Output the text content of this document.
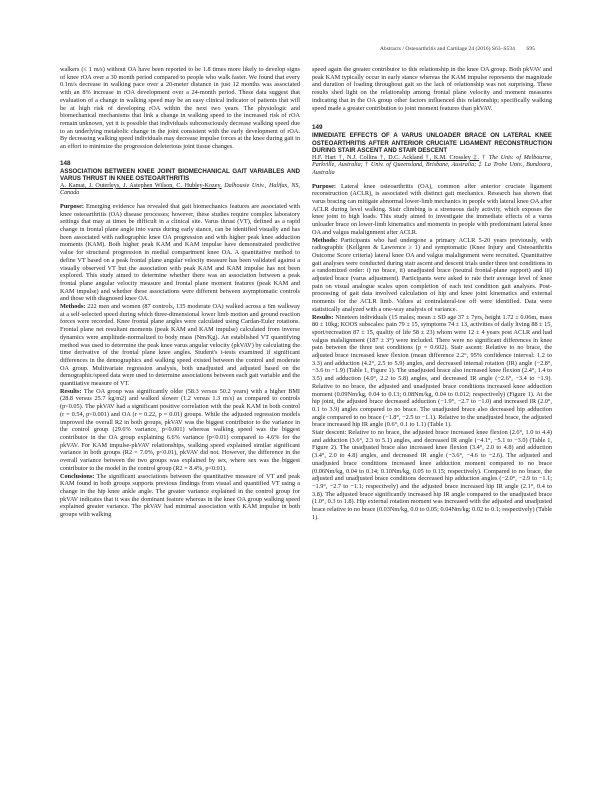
Abstracts / Osteoarthritis and Cartilage 24 (2016) S63–S534 S95

walkers (≤ 1 m/s) without OA have been reported to be 1.8 times more likely to develop signs of knee rOA over a 30 month period compared to people who walk faster. We found that every 0.1m/s decrease in walking pace over a 20-meter distance in just 12 months was associated with an 8% increase in rOA development over a 24-month period. These data suggest that evaluation of a change in walking speed may be an easy clinical indicator of patients that will be at high risk of developing rOA within the next two years. The physiologic and biomechanical mechanisms that link a change in walking speed to the increased risk of rOA remain unknown, yet it is possible that individuals subconsciously decrease walking speed due to an underlying metabolic change in the joint consistent with the early development of rOA. By decreasing walking speed individuals may decrease impulse forces at the knee during gait in an effort to minimize the progression deleterious joint tissue changes.

148

ASSOCIATION BETWEEN KNEE JOINT BIOMECHANICAL GAIT VARIABLES AND VARUS THRUST IN KNEE OSTEOARTHRITIS

A. Kamat, J. Outerleys, J. Astephen Wilson, C. Hubley-Kozey. Dalhousie Univ., Halifax, NS, Canada

Purpose: Emerging evidence has revealed that gait biomechanics features are associated with knee osteoarthritis (OA) disease processes; however, these studies require complex laboratory settings that may at times be difficult in a clinical site. Varus thrust (VT), defined as a rapid change in frontal plane angle into varus during early stance, can be identified visually and has been associated with radiographic knee OA progression and with higher peak knee adduction moments (KAM). Both higher peak KAM and KAM impulse have demonstrated predictive value for structural progression in medial compartment knee OA. A quantitative method to define VT based on a peak frontal plane angular velocity measure has been validated against a visually observed VT but the association with peak KAM and KAM impulse has not been explored. This study aimed to determine whether there was an association between a peak frontal plane angular velocity measure and frontal plane moment features (peak KAM and KAM impulse) and whether these associations were different between asymptomatic controls and those with diagnosed knee OA.

Methods: 222 men and women (87 controls, 135 moderate OA) walked across a 6m walkway at a self-selected speed during which three-dimensional lower limb motion and ground reaction forces were recorded. Knee frontal plane angles were calculated using Cardan-Euler rotations. Frontal plane net resultant moments (peak KAM and KAM impulse) calculated from inverse dynamics were amplitude-normalized to body mass (Nm/Kg). An established VT quantifying method was used to determine the peak knee varus angular velocity (pkVAV) by calculating the time derivative of the frontal plane knee angles. Student's t-tests examined if significant differences in the demographics and walking speed existed between the control and moderate OA group. Multivariate regression analysis, both unadjusted and adjusted based on the demographic/speed data were used to determine associations between each gait variable and the quantitative measure of VT.

Results: The OA group was significantly older (58.3 versus 50.2 years) with a higher BMI (28.8 versus 25.7 kg/m2) and walked slower (1.2 versus 1.3 m/s) as compared to controls (p<0.05). The pkVAV had a significant positive correlation with the peak KAM in both control (r = 0.54, p<0.001) and OA (r = 0.22, p = 0.01) groups. While the adjusted regression models improved the overall R2 in both groups, pkVAV was the biggest contributor to the variance in the control group (29.6% variance, p<0.001) whereas walking speed was the biggest contributor in the OA group explaining 6.6% variance (p<0.01) compared to 4.6% for the pkVAV. For KAM impulse-pkVAV relationships, walking speed explained similar significant variance in both groups (R2 = 7.0%, p<0.01), pkVAV did not. However, the difference in the overall variance between the two groups was explained by sex, where sex was the biggest contributor to the model in the control group (R2 = 8.4%, p<0.01).

Conclusions: The significant associations between the quantitative measure of VT and peak KAM found in both groups supports previous findings from visual and quantified VT using a change in the hip knee ankle angle. The greater variance explained in the control group for pkVAV indicates that it was the dominant feature whereas in the knee OA group walking speed explained greater variance. The pkVAV had minimal association with KAM impulse in both groups with walking

speed again the greater contributor to this relationship in the knee OA group. Both pkVAV and peak KAM typically occur in early stance whereas the KAM impulse represents the magnitude and duration of loading throughout gait so the lack of relationship was not surprising. These results shed light on the relationship among frontal plane velocity and moment measures indicating that in the OA group other factors influenced this relationship; specifically walking speed made a greater contribution to joint moment features than pkVAV.

149

IMMEDIATE EFFECTS OF A VARUS UNLOADER BRACE ON LATERAL KNEE OSTEOARTHRITIS AFTER ANTERIOR CRUCIATE LIGAMENT RECONSTRUCTION DURING STAIR ASCENT AND STAIR DESCENT

H.F. Hart †, N.J. Collins †, D.C. Ackland †, K.M. Crossley ‡. † The Univ. of Melbourne, Parkville, Australia; † Univ. of Queensland, Brisbane, Australia; ‡ La Trobe Univ., Bundoora, Australia

Purpose: Lateral knee osteoarthritis (OA), common after anterior cruciate ligament reconstruction (ACLR), is associated with distinct gait mechanics. Research has shown that varus bracing can mitigate abnormal lower-limb mechanics in people with lateral knee OA after ACLR during level walking. Stair climbing is a strenuous daily activity, which exposes the knee joint to high loads. This study aimed to investigate the immediate effects of a varus unloader brace on lower-limb kinematics and moments in people with predominant lateral knee OA and valgus malalignment after ACLR.

Methods: Participants who had undergone a primary ACLR 5-20 years previously, with radiographic (Kellgren & Lawrence ≥ 1) and symptomatic (Knee Injury and Osteoarthritis Outcome Score criteria) lateral knee OA and valgus malalignment were recruited. Quantitative gait analyses were conducted during stair ascent and descent trials under three test conditions in a randomized order: i) no brace, ii) unadjusted brace (neutral frontal-plane support) and iii) adjusted brace (varus adjustment). Participants were asked to rate their average level of knee pain on visual analogue scales upon completion of each test condition gait analyses. Post-processing of gait data involved calculation of hip and knee joint kinematics and external moments for the ACLR limb. Values at contralateral-toe off were identified. Data were statistically analyzed with a one-way analysis of variance.

Results: Nineteen individuals (15 males; mean ± SD age 37 ± 7yrs, height 1.72 ± 0.06m, mass 80 ± 10kg; KOOS subscales: pain 79 ± 15, symptoms 74 ± 13, activities of daily living 88 ± 15, sport/recreation 87 ± 15, quality of life 58 ± 23) whom were 12 ± 4 years post ACLR and had valgus malalignment (187 ± 3°) were included. There were no significant differences in knee pain between the three test conditions (p = 0.602). Stair ascent: Relative to no brace, the adjusted brace increased knee flexion (mean difference 2.2°, 95% confidence interval: 1.2 to 3.3) and adduction (4.2°, 2.5 to 5.9) angles, and decreased internal rotation (IR) angle (−2.8°, −3.6 to −1.9) (Table 1, Figure 1). The unadjusted brace also increased knee flexion (2.4°, 1.4 to 3.5) and adduction (4.0°, 2.2 to 5.8) angles, and decreased IR angle (−2.6°, −3.4 to −1.9). Relative to no brace, the adjusted and unadjusted brace conditions increased knee adduction moment (0.09Nm/kg, 0.04 to 0.13; 0.08Nm/kg, 0.04 to 0.012; respectively) (Figure 1). At the hip joint, the adjusted brace decreased adduction (−1.9°, −2.7 to −1.0) and increased IR (2.0°, 0.1 to 3.9) angles compared to no brace. The unadjusted brace also decreased hip adduction angle compared to no brace (−1.8°, −2.5 to −1.1). Relative to the unadjusted brace, the adjusted brace increased hip IR angle (0.6°, 0.1 to 1.1) (Table 1).

Stair descent: Relative to no brace, the adjusted brace increased knee flexion (2.6°, 1.0 to 4.4) and adduction (3.6°, 2.3 to 5.1) angles, and decreased IR angle (−4.1°, −5.1 to −3.0) (Table 1, Figure 2). The unadjusted brace also increased knee flexion (3.4°, 2.0 to 4.8) and adduction (3.4°, 2.0 to 4.8) angles, and decreased IR angle (−3.6°, −4.6 to −2.6). The adjusted and unadjusted brace conditions increased knee adduction moment compared to no brace (0.06Nm/kg, 0.04 to 0.14; 0.10Nm/kg, 0.05 to 0.15; respectively). Compared to no brace, the adjusted and unadjusted brace conditions decreased hip adduction angles (−2.0°, −2.9 to −1.1; −1.9°, −2.7 to −1.1; respectively) and the adjusted brace increased hip IR angle (2.1°, 0.4 to 3.8). The adjusted brace significantly increased hip IR angle compared to the unadjusted brace (1.0°, 0.3 to 1.8). Hip external rotation moment was increased with the adjusted and unadjusted brace relative to no brace (0.03Nm/kg, 0.0 to 0.05; 0.04Nm/kg; 0.02 to 0.1; respectively) (Table 1).
